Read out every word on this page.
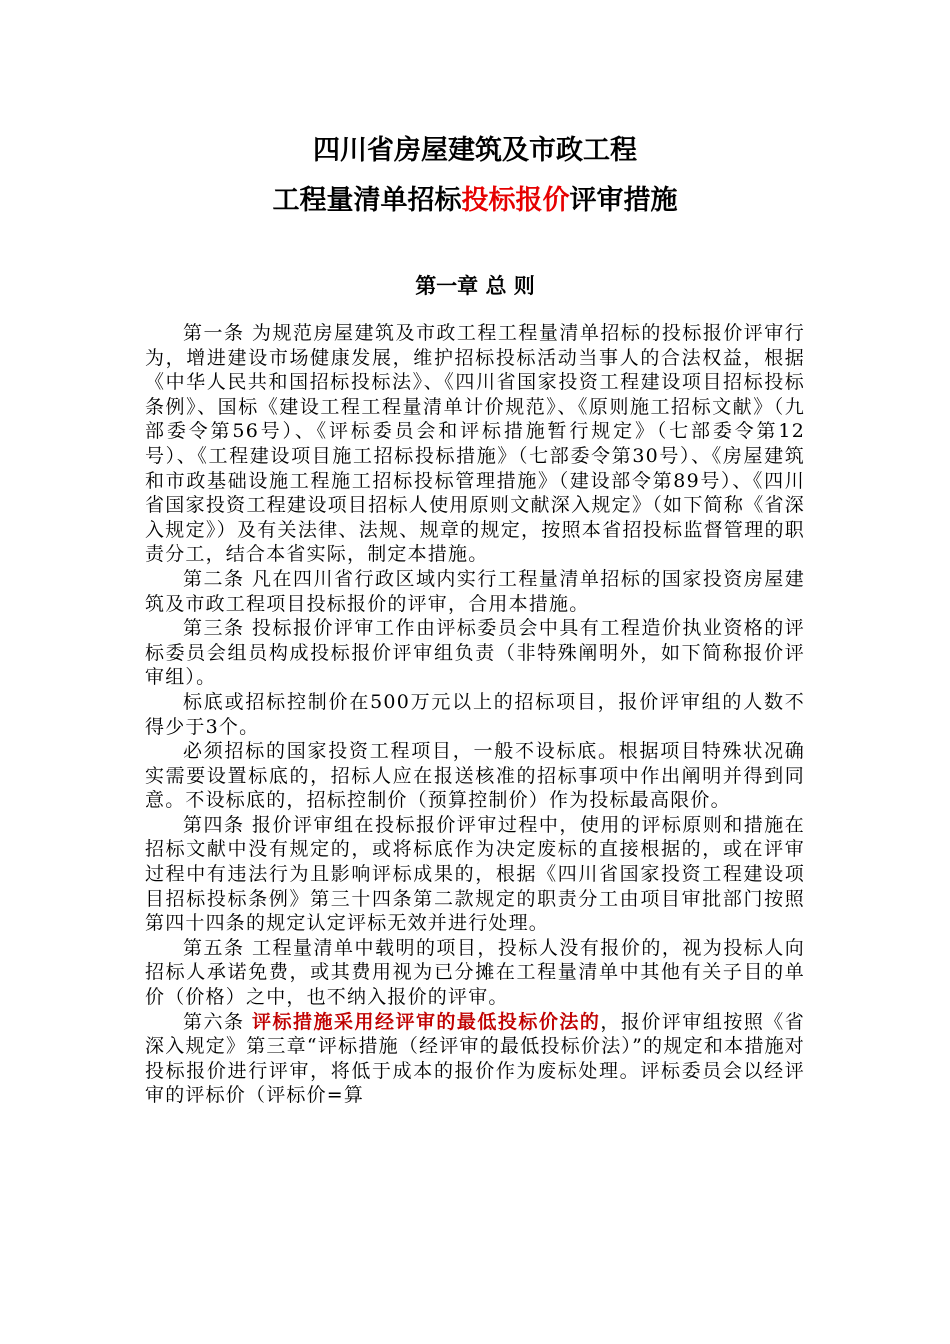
四川省房屋建筑及市政工程
工程量清单招标投标报价评审措施
第一章 总 则

第一条 为规范房屋建筑及市政工程工程量清单招标的投标报价评审行为，增进建设市场健康发展，维护招标投标活动当事人的合法权益，根据《中华人民共和国招标投标法》、《四川省国家投资工程建设项目招标投标条例》、国标《建设工程工程量清单计价规范》、《原则施工招标文献》（九部委令第56号）、《评标委员会和评标措施暂行规定》（七部委令第12号）、《工程建设项目施工招标投标措施》（七部委令第30号）、《房屋建筑和市政基础设施工程施工招标投标管理措施》（建设部令第89号）、《四川省国家投资工程建设项目招标人使用原则文献深入规定》（如下简称《省深入规定》）及有关法律、法规、规章的规定，按照本省招投标监督管理的职责分工，结合本省实际，制定本措施。

第二条 凡在四川省行政区域内实行工程量清单招标的国家投资房屋建筑及市政工程项目投标报价的评审，合用本措施。

第三条 投标报价评审工作由评标委员会中具有工程造价执业资格的评标委员会组员构成投标报价评审组负责（非特殊阐明外，如下简称报价评审组）。

标底或招标控制价在500万元以上的招标项目，报价评审组的人数不得少于3个。

必须招标的国家投资工程项目，一般不设标底。根据项目特殊状况确实需要设置标底的，招标人应在报送核准的招标事项中作出阐明并得到同意。不设标底的，招标控制价（预算控制价）作为投标最高限价。

第四条 报价评审组在投标报价评审过程中，使用的评标原则和措施在招标文献中没有规定的，或将标底作为决定废标的直接根据的，或在评审过程中有违法行为且影响评标成果的，根据《四川省国家投资工程建设项目招标投标条例》第三十四条第二款规定的职责分工由项目审批部门按照第四十四条的规定认定评标无效并进行处理。

第五条 工程量清单中载明的项目，投标人没有报价的，视为投标人向招标人承诺免费，或其费用视为已分摊在工程量清单中其他有关子目的单价（价格）之中，也不纳入报价的评审。

第六条 评标措施采用经评审的最低投标价法的，报价评审组按照《省深入规定》第三章“评标措施（经评审的最低投标价法）”的规定和本措施对投标报价进行评审，将低于成本的报价作为废标处理。评标委员会以经评审的评标价（评标价=算
